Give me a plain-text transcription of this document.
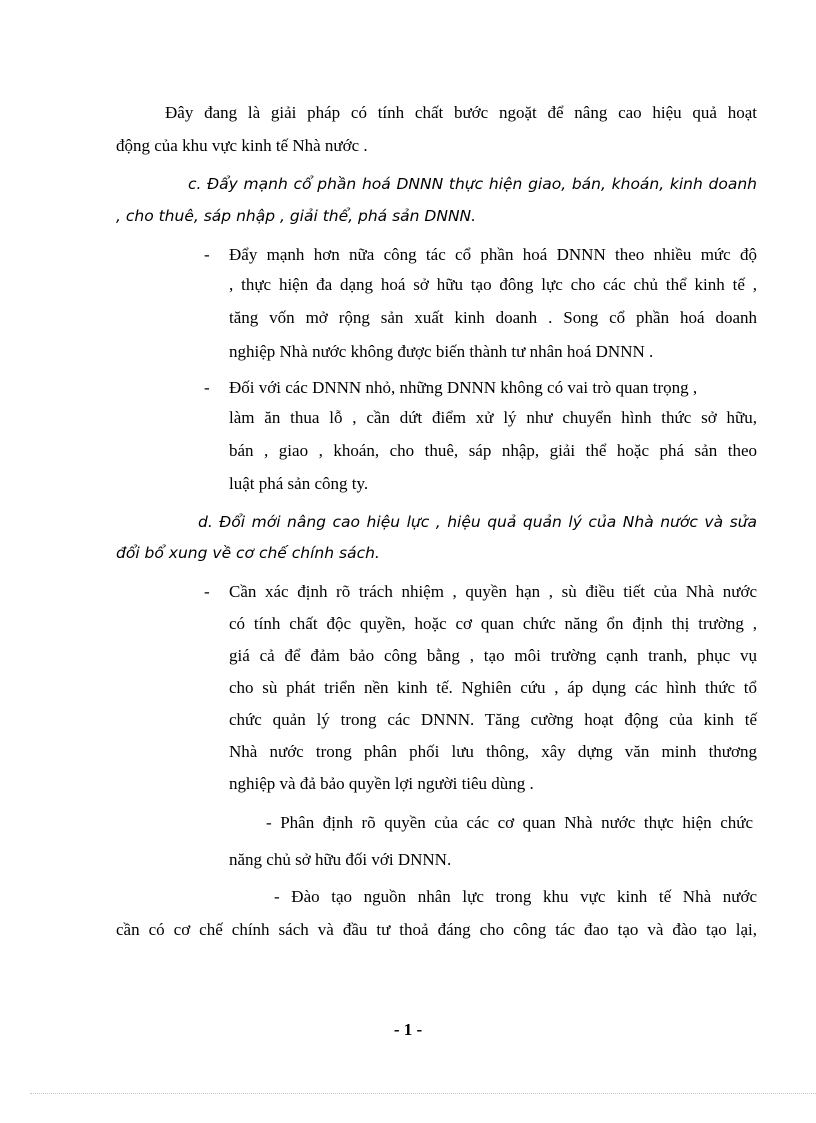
Đây đang là giải pháp có tính chất bước ngoặt để nâng cao hiệu quả hoạt
động của khu vực kinh tế Nhà nước .
c. Đẩy mạnh cổ phần hoá DNNN thực hiện giao, bán, khoán, kinh doanh
, cho thuê, sáp nhập , giải thể, phá sản DNNN.
- Đẩy mạnh hơn nữa công tác cổ phần hoá DNNN theo nhiều mức độ
, thực hiện đa dạng hoá sở hữu tạo đông lực cho các chủ thể kinh tế ,
tăng vốn mở rộng sản xuất kinh doanh . Song cổ phần hoá doanh
nghiệp Nhà nước không được biến thành tư nhân hoá DNNN .
- Đối với các DNNN nhỏ, những DNNN không có vai trò quan trọng ,
làm ăn thua lỗ , cần dứt điểm xử lý như chuyển hình thức sở hữu,
bán , giao , khoán, cho thuê, sáp nhập, giải thể hoặc phá sản theo
luật phá sản công ty.
d. Đổi mới nâng cao hiệu lực , hiệu quả quản lý của Nhà nước và sửa
đổi bổ xung về cơ chế chính sách.
- Cần xác định rõ trách nhiệm , quyền hạn , sù điều tiết của Nhà nước
có tính chất độc quyền, hoặc cơ quan chức năng ổn định thị trường ,
giá cả để đảm bảo công bằng , tạo môi trường cạnh tranh, phục vụ
cho sù phát triển nền kinh tế. Nghiên cứu , áp dụng các hình thức tổ
chức quản lý trong các DNNN. Tăng cường hoạt động của kinh tế
Nhà nước trong phân phối lưu thông, xây dựng văn minh thương
nghiệp và đả bảo quyền lợi người tiêu dùng .
- Phân định rõ quyền của các cơ quan Nhà nước thực hiện chức
năng chủ sở hữu đối với DNNN.
- Đào tạo nguồn nhân lực trong khu vực kinh tế Nhà nước
cần có cơ chế chính sách và đầu tư thoả đáng cho công tác đao tạo và đào tạo lại,
- 1 -
